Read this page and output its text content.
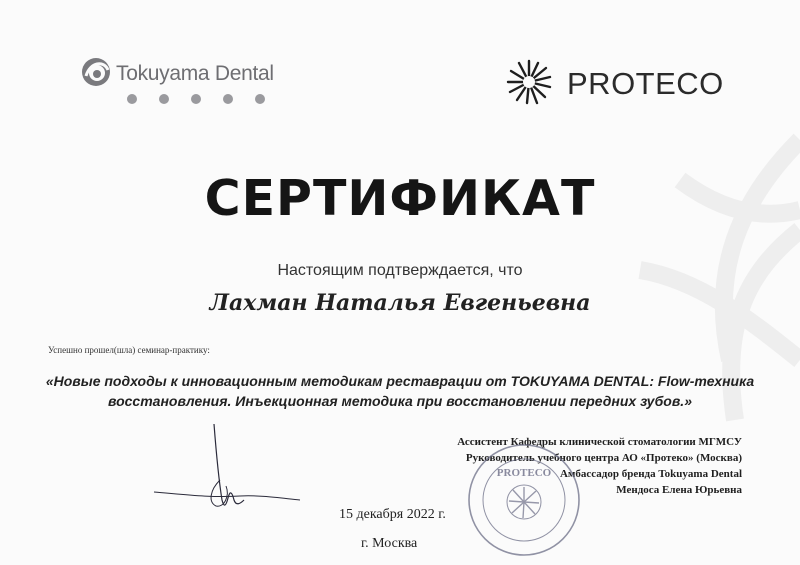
Tokuyama Dental	PROTECO
СЕРТИФИКАТ
Настоящим подтверждается, что
Лахман Наталья Евгеньевна
Успешно прошел(шла) семинар-практику:
«Новые подходы к инновационным методикам реставрации от TOKUYAMA DENTAL: Flow-техника
восстановления. Инъекционная методика при восстановлении передних зубов.»
Ассистент Кафедры клинической стоматологии МГМСУ
Руководитель учебного центра АО «Протеко» (Москва)
Амбассадор бренда Tokuyama Dental
Мендоса Елена Юрьевна
PROTECO
15 декабря 2022 г.
г. Москва
